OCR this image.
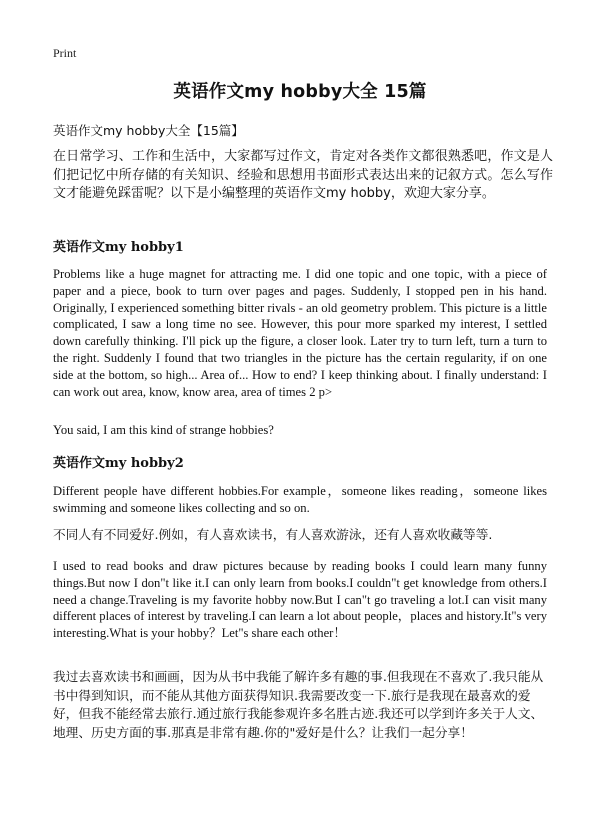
Print
英语作文my hobby大全 15篇
英语作文my hobby大全【15篇】

在日常学习、工作和生活中，大家都写过作文，肯定对各类作文都很熟悉吧，作文是人们把记忆中所存储的有关知识、经验和思想用书面形式表达出来的记叙方式。怎么写作文才能避免踩雷呢？以下是小编整理的英语作文my hobby，欢迎大家分享。

英语作文my hobby1

Problems like a huge magnet for attracting me. I did one topic and one topic, with a piece of paper and a piece, book to turn over pages and pages. Suddenly, I stopped pen in his hand. Originally, I experienced something bitter rivals - an old geometry problem. This picture is a little complicated, I saw a long time no see. However, this pour more sparked my interest, I settled down carefully thinking. I'll pick up the figure, a closer look. Later try to turn left, turn a turn to the right. Suddenly I found that two triangles in the picture has the certain regularity, if on one side at the bottom, so high... Area of... How to end? I keep thinking about. I finally understand: I can work out area, know, know area, area of times 2 p>

You said, I am this kind of strange hobbies?

英语作文my hobby2

Different people have different hobbies.For example，someone likes reading，someone likes swimming and someone likes collecting and so on.

不同人有不同爱好.例如，有人喜欢读书，有人喜欢游泳，还有人喜欢收藏等等.

I used to read books and draw pictures because by reading books I could learn many funny things.But now I don"t like it.I can only learn from books.I couldn"t get knowledge from others.I need a change.Traveling is my favorite hobby now.But I can"t go traveling a lot.I can visit many different places of interest by traveling.I can learn a lot about people，places and history.It"s very interesting.What is your hobby？Let"s share each other！

我过去喜欢读书和画画，因为从书中我能了解许多有趣的事.但我现在不喜欢了.我只能从书中得到知识，而不能从其他方面获得知识.我需要改变一下.旅行是我现在最喜欢的爱好，但我不能经常去旅行.通过旅行我能参观许多名胜古迹.我还可以学到许多关于人文、地理、历史方面的事.那真是非常有趣.你的"爱好是什么？让我们一起分享！
